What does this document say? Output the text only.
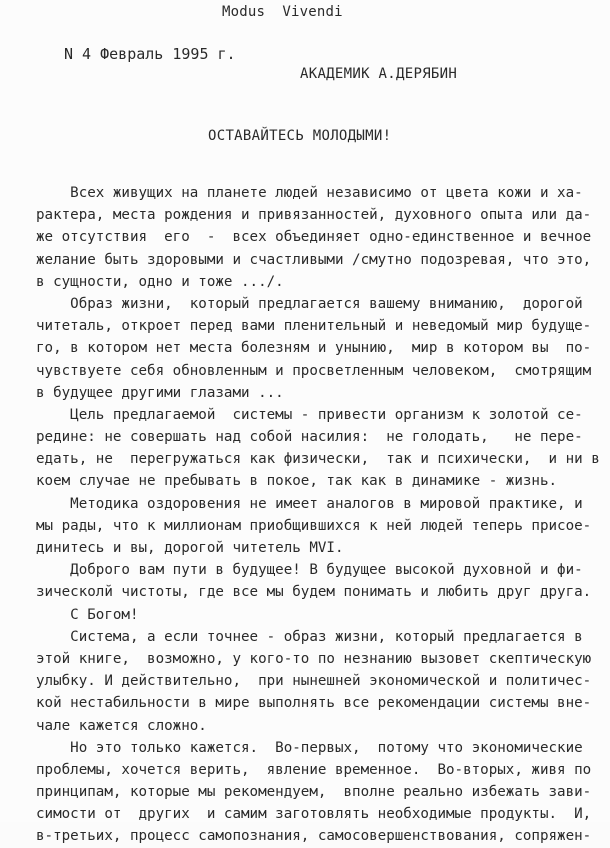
Modus  Vivendi
N 4 Февраль 1995 г.
АКАДЕМИК А.ДЕРЯБИН
ОСТАВАЙТЕСЬ МОЛОДЫМИ!
Всех живущих на планете людей независимо от цвета кожи и ха-
рактера, места рождения и привязанностей, духовного опыта или да-
же отсутствия  его  -  всех объединяет одно-единственное и вечное
желание быть здоровыми и счастливыми /смутно подозревая, что это,
в сущности, одно и тоже .../.
Образ жизни,  который предлагается вашему вниманию,  дорогой
читеталь, откроет перед вами пленительный и неведомый мир будуще-
го, в котором нет места болезням и унынию,  мир в котором вы  по-
чувствуете себя обновленным и просветленным человеком,  смотрящим
в будущее другими глазами ...
Цель предлагаемой  системы - привести организм к золотой се-
редине: не совершать над собой насилия:  не голодать,   не пере-
едать, не  перегружаться как физически,  так и психически,  и ни в
коем случае не пребывать в покое, так как в динамике - жизнь.
Методика оздоровения не имеет аналогов в мировой практике, и
мы рады, что к миллионам приобщившихся к ней людей теперь присое-
динитесь и вы, дорогой читетель MVI.
Доброго вам пути в будущее! В будущее высокой духовной и фи-
зическолй чистоты, где все мы будем понимать и любить друг друга.
С Богом!
Система, а если точнее - образ жизни, который предлагается в
этой книге,  возможно, у кого-то по незнанию вызовет скептическую
улыбку. И действительно,  при нынешней экономической и политичес-
кой нестабильности в мире выполнять все рекомендации системы вне-
чале кажется сложно.
Но это только кажется.  Во-первых,  потому что экономические
проблемы, хочется верить,  явление временное.  Во-вторых, живя по
принципам, которые мы рекомендуем,  вполне реально избежать зави-
симости от  других  и самим заготовлять необходимые продукты.  И,
в-третьих, процесс самопознания, самосовершенствования, сопряжен-
